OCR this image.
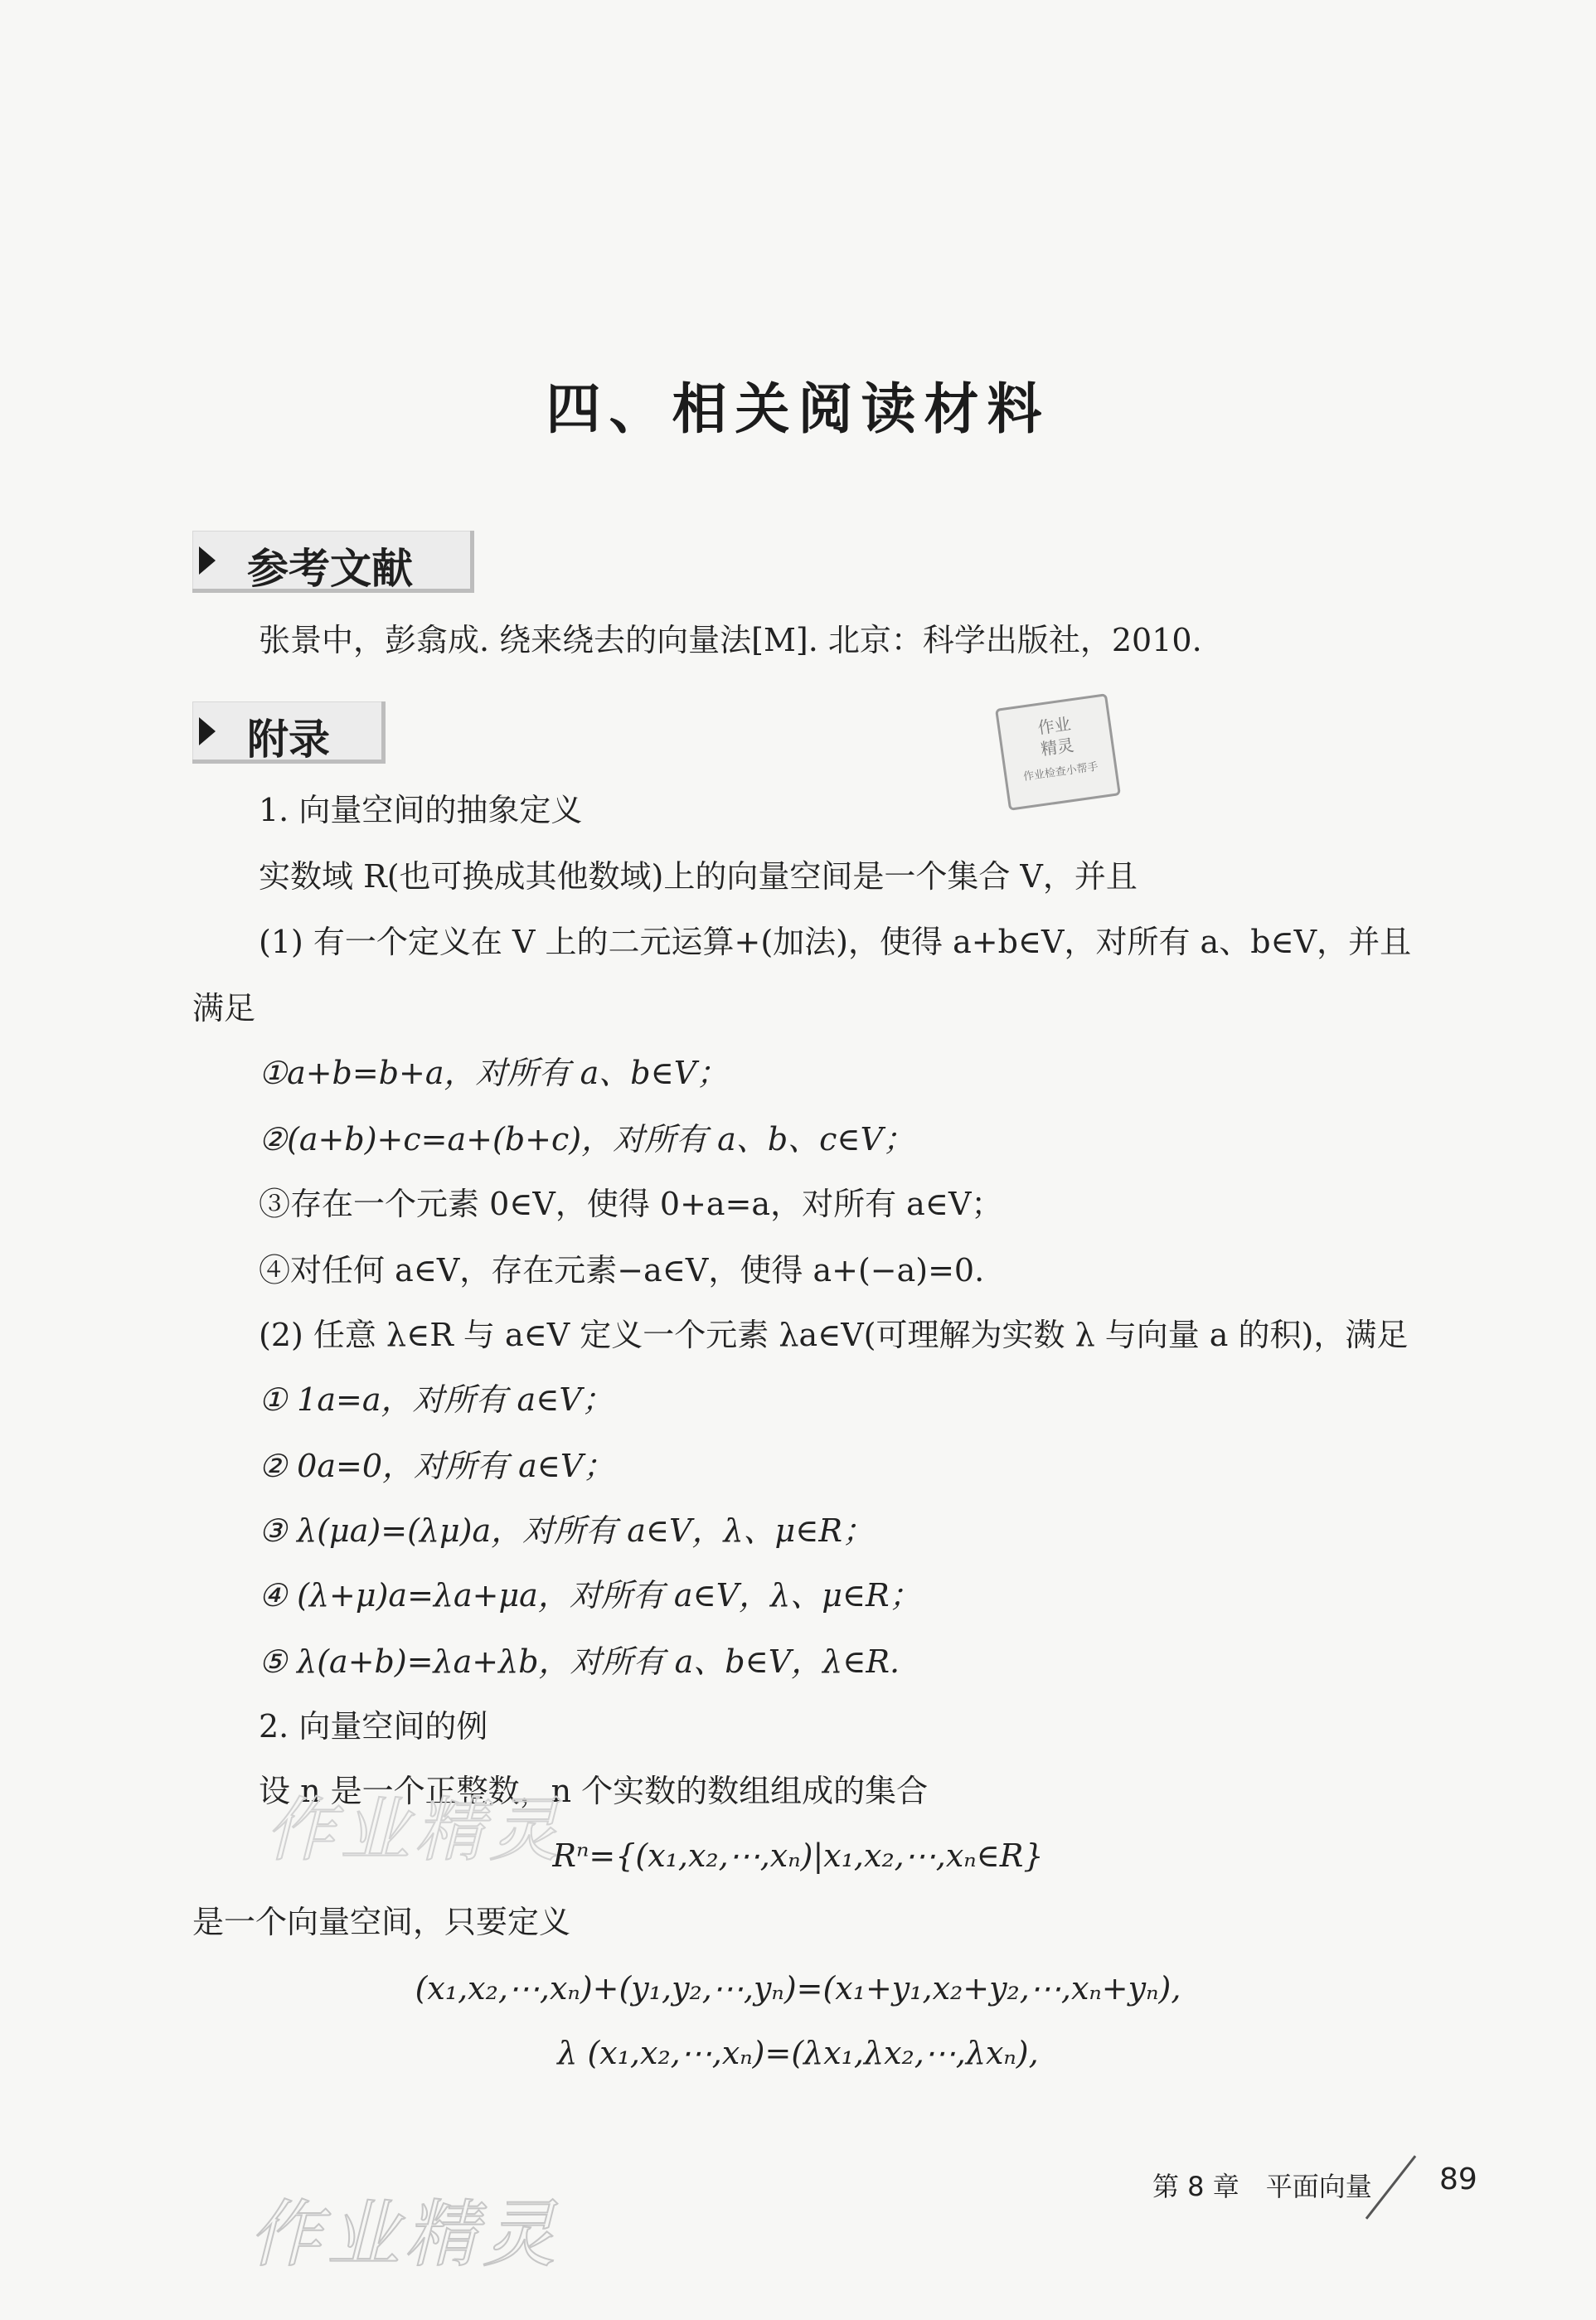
四、相关阅读材料
参考文献
张景中，彭翕成. 绕来绕去的向量法[M]. 北京：科学出版社，2010.
附录	作业
精灵
作业检查小帮手
1. 向量空间的抽象定义
实数域 R(也可换成其他数域)上的向量空间是一个集合 V，并且
(1) 有一个定义在 V 上的二元运算+(加法)，使得 a+b∈V，对所有 a、b∈V，并且
满足
①a+b=b+a，对所有 a、b∈V；
②(a+b)+c=a+(b+c)，对所有 a、b、c∈V；
③存在一个元素 0∈V，使得 0+a=a，对所有 a∈V；
④对任何 a∈V，存在元素−a∈V，使得 a+(−a)=0.
(2) 任意 λ∈R 与 a∈V 定义一个元素 λa∈V(可理解为实数 λ 与向量 a 的积)，满足
① 1a=a，对所有 a∈V；
② 0a=0，对所有 a∈V；
③ λ(μa)=(λμ)a，对所有 a∈V，λ、μ∈R；
④ (λ+μ)a=λa+μa，对所有 a∈V，λ、μ∈R；
⑤ λ(a+b)=λa+λb，对所有 a、b∈V，λ∈R.
2. 向量空间的例
设 n 是一个正整数，n 个实数的数组组成的集合
作业精灵
Rⁿ={(x₁,x₂,⋯,xₙ)|x₁,x₂,⋯,xₙ∈R}
是一个向量空间，只要定义
(x₁,x₂,⋯,xₙ)+(y₁,y₂,⋯,yₙ)=(x₁+y₁,x₂+y₂,⋯,xₙ+yₙ),
λ (x₁,x₂,⋯,xₙ)=(λx₁,λx₂,⋯,λxₙ),
第 8 章　平面向量 89
作业精灵
